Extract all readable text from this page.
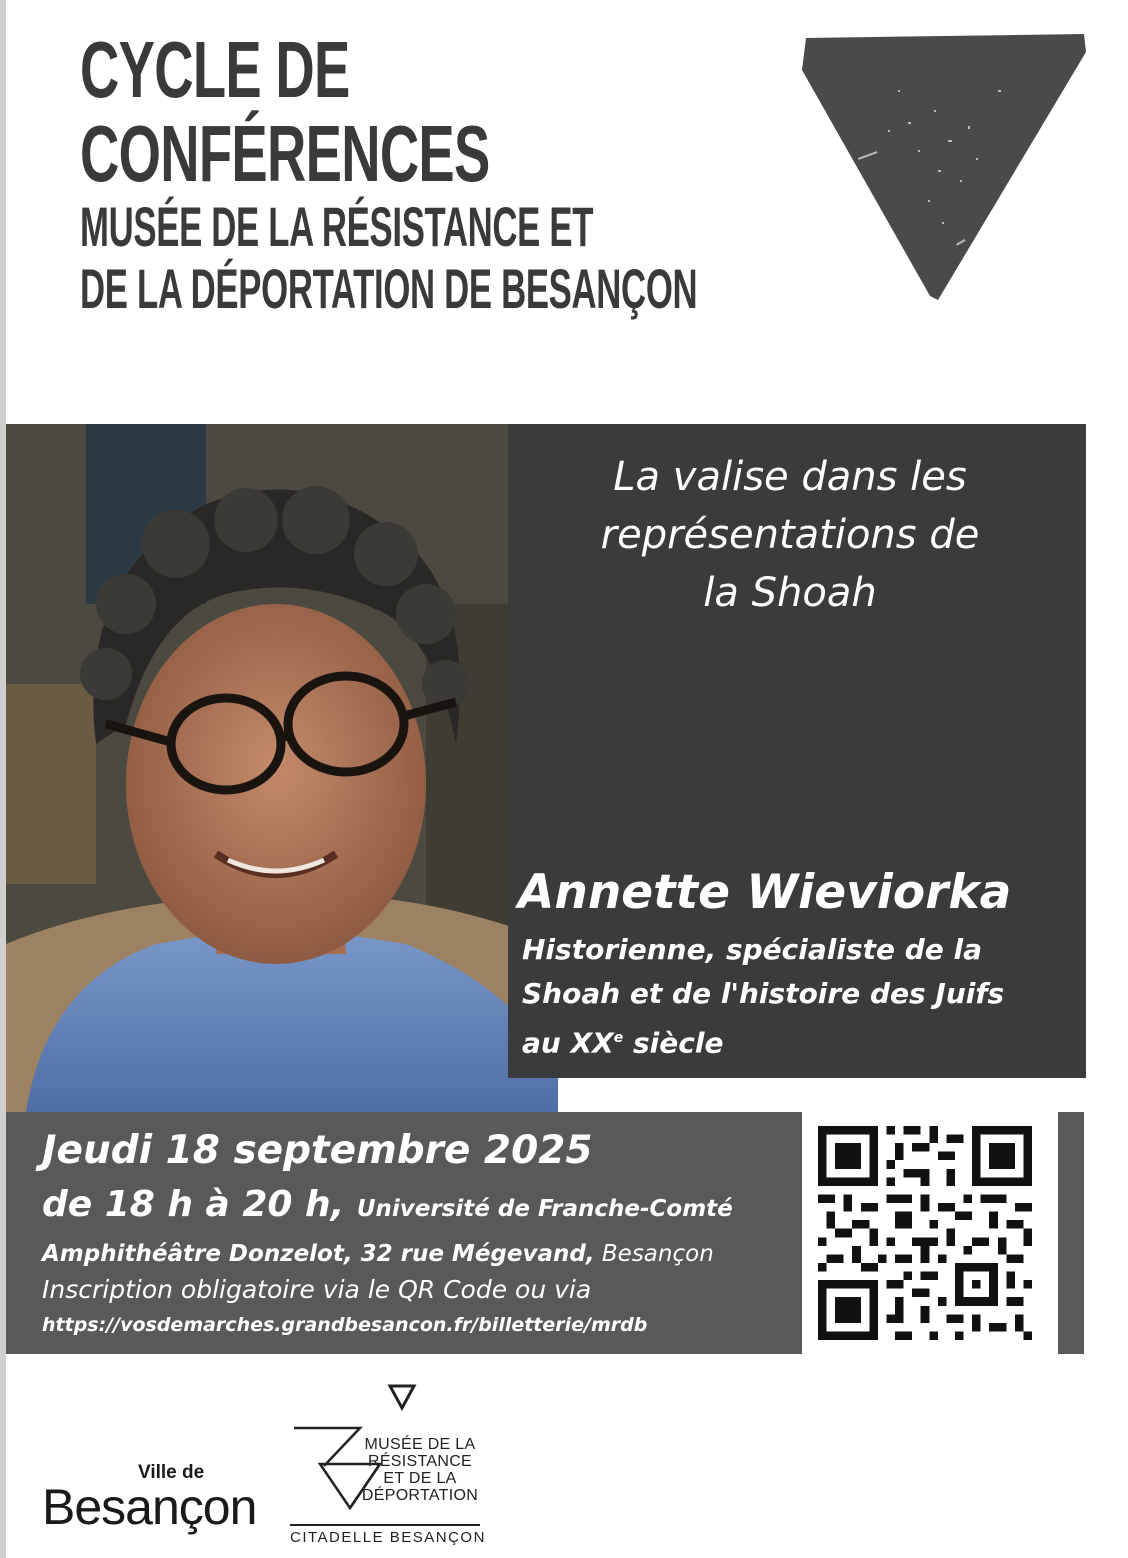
CYCLE DE
CONFÉRENCES
MUSÉE DE LA RÉSISTANCE ET
DE LA DÉPORTATION DE BESANÇON
La valise dans les
représentations de
la Shoah
Annette Wieviorka
Historienne, spécialiste de la
Shoah et de l'histoire des Juifs
au XXe siècle
Jeudi 18 septembre 2025
de 18 h à 20 h, Université de Franche-Comté
Amphithéâtre Donzelot, 32 rue Mégevand, Besançon
Inscription obligatoire via le QR Code ou via
https://vosdemarches.grandbesancon.fr/billetterie/mrdb
Ville de
Besançon
MUSÉE DE LA
RÉSISTANCE
ET DE LA
DÉPORTATION
CITADELLE BESANÇON
